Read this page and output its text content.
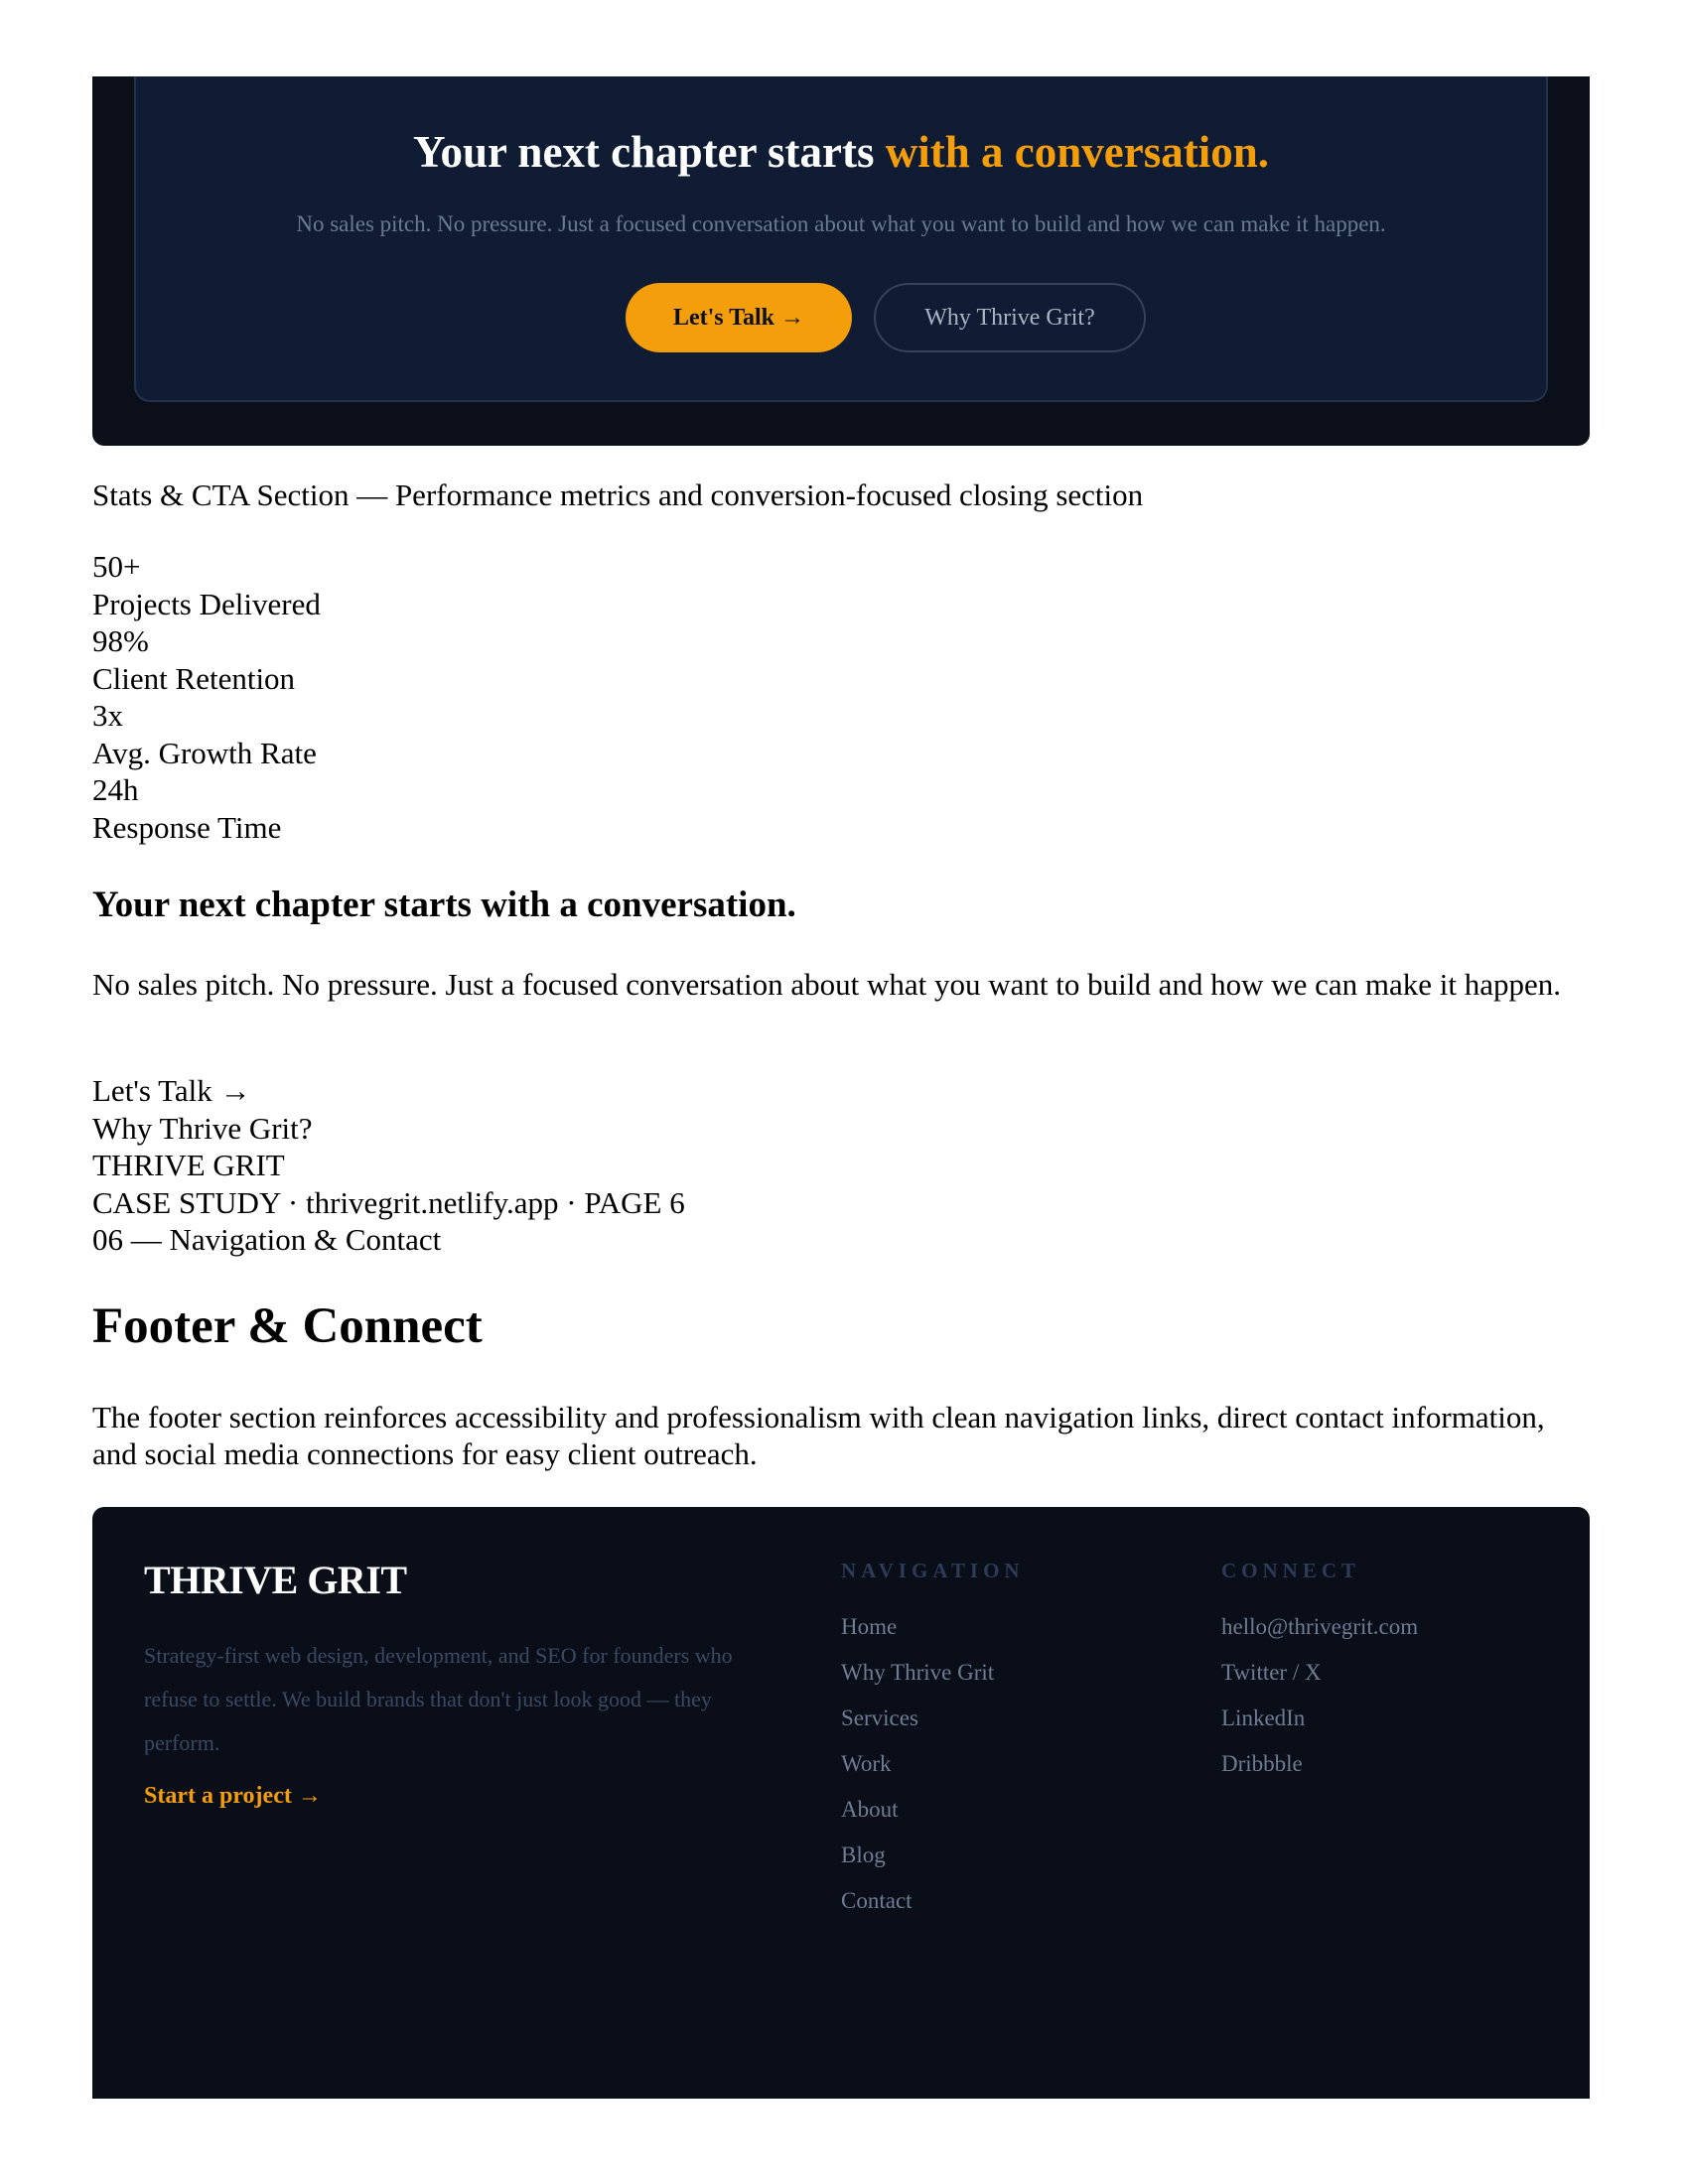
Your next chapter starts with a conversation.

No sales pitch. No pressure. Just a focused conversation about what you want to build and how we can make it happen.

Let's Talk →	Why Thrive Grit?
Stats & CTA Section — Performance metrics and conversion-focused closing section
50+
Projects Delivered
98%
Client Retention
3x
Avg. Growth Rate
24h
Response Time
Your next chapter starts with a conversation.

No sales pitch. No pressure. Just a focused conversation about what you want to build and how we can make it happen.

Let's Talk →
Why Thrive Grit?
THRIVE GRIT
CASE STUDY · thrivegrit.netlify.app · PAGE 6
06 — Navigation & Contact
Footer & Connect

The footer section reinforces accessibility and professionalism with clean navigation links, direct contact information, and social media connections for easy client outreach.

THRIVE GRIT

Strategy-first web design, development, and SEO for founders who refuse to settle. We build brands that don't just look good — they perform.

Start a project →
NAVIGATION
Home
Why Thrive Grit
Services
Work
About
Blog
Contact
CONNECT
hello@thrivegrit.com
Twitter / X
LinkedIn
Dribbble
